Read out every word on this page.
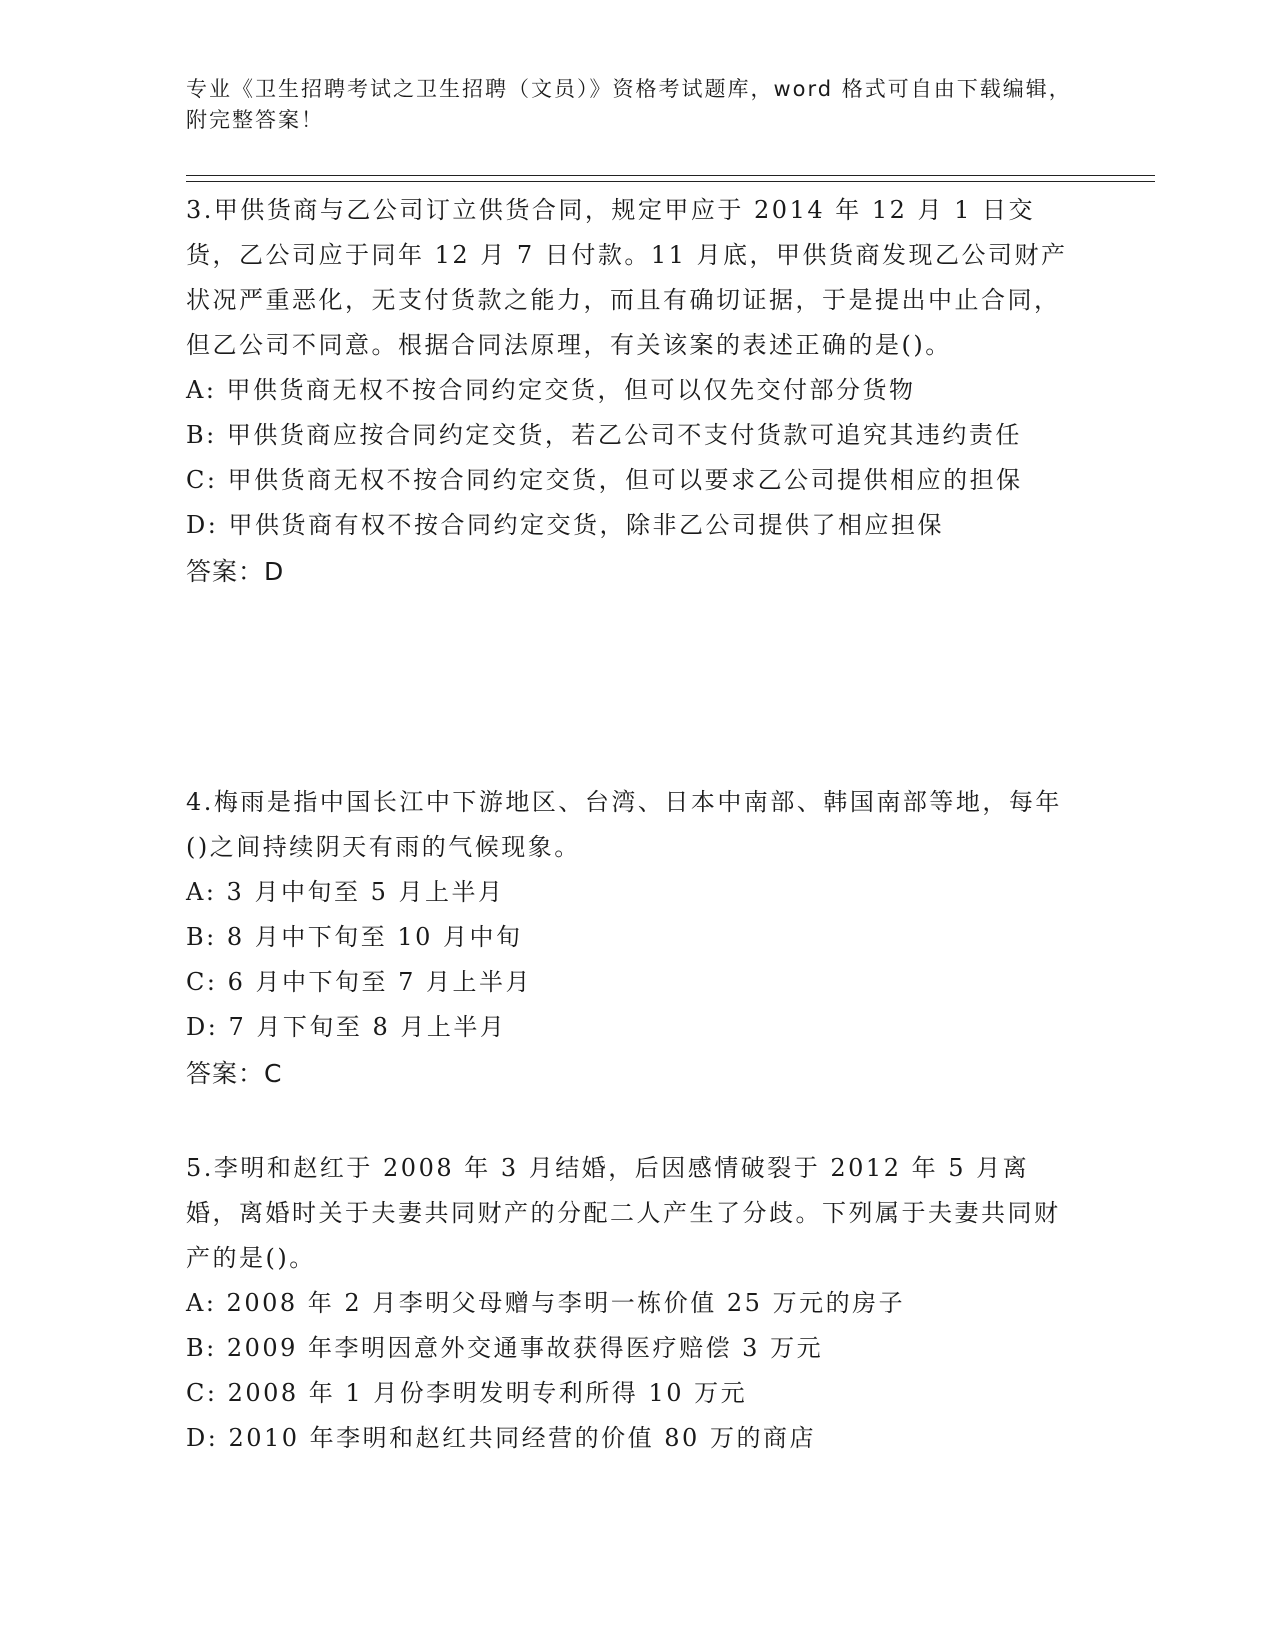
专业《卫生招聘考试之卫生招聘（文员）》资格考试题库，word 格式可自由下载编辑，附完整答案！
3.甲供货商与乙公司订立供货合同，规定甲应于 2014 年 12 月 1 日交货，乙公司应于同年 12 月 7 日付款。11 月底，甲供货商发现乙公司财产状况严重恶化，无支付货款之能力，而且有确切证据，于是提出中止合同，但乙公司不同意。根据合同法原理，有关该案的表述正确的是()。
A: 甲供货商无权不按合同约定交货，但可以仅先交付部分货物
B: 甲供货商应按合同约定交货，若乙公司不支付货款可追究其违约责任
C: 甲供货商无权不按合同约定交货，但可以要求乙公司提供相应的担保
D: 甲供货商有权不按合同约定交货，除非乙公司提供了相应担保
答案：D
4.梅雨是指中国长江中下游地区、台湾、日本中南部、韩国南部等地，每年()之间持续阴天有雨的气候现象。
A: 3 月中旬至 5 月上半月
B: 8 月中下旬至 10 月中旬
C: 6 月中下旬至 7 月上半月
D: 7 月下旬至 8 月上半月
答案：C
5.李明和赵红于 2008 年 3 月结婚，后因感情破裂于 2012 年 5 月离婚，离婚时关于夫妻共同财产的分配二人产生了分歧。下列属于夫妻共同财产的是()。
A: 2008 年 2 月李明父母赠与李明一栋价值 25 万元的房子
B: 2009 年李明因意外交通事故获得医疗赔偿 3 万元
C: 2008 年 1 月份李明发明专利所得 10 万元
D: 2010 年李明和赵红共同经营的价值 80 万的商店
